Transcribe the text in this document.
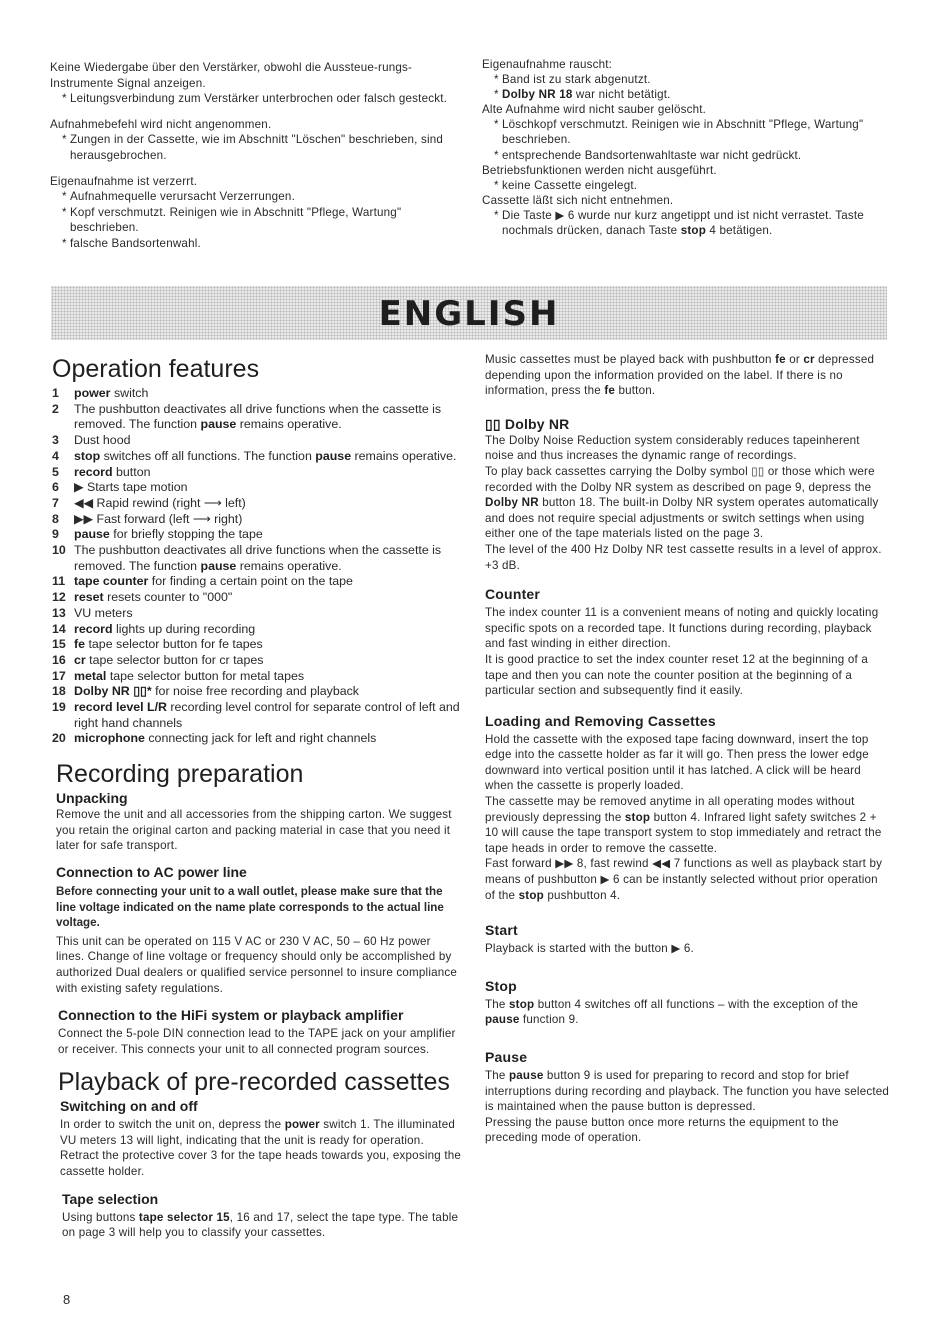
Keine Wiedergabe über den Verstärker, obwohl die Aussteue-rungs-Instrumente Signal anzeigen.

* Leitungsverbindung zum Verstärker unterbrochen oder falsch gesteckt.

Aufnahmebefehl wird nicht angenommen.

* Zungen in der Cassette, wie im Abschnitt "Löschen" beschrieben, sind herausgebrochen.

Eigenaufnahme ist verzerrt.

* Aufnahmequelle verursacht Verzerrungen.
* Kopf verschmutzt. Reinigen wie in Abschnitt "Pflege, Wartung" beschrieben.
* falsche Bandsortenwahl.

Eigenaufnahme rauscht:

* Band ist zu stark abgenutzt.
* Dolby NR 18 war nicht betätigt.

Alte Aufnahme wird nicht sauber gelöscht.

* Löschkopf verschmutzt. Reinigen wie in Abschnitt "Pflege, Wartung" beschrieben.
* entsprechende Bandsortenwahltaste war nicht gedrückt.

Betriebsfunktionen werden nicht ausgeführt.

* keine Cassette eingelegt.

Cassette läßt sich nicht entnehmen.

* Die Taste ▶ 6 wurde nur kurz angetippt und ist nicht verrastet. Taste nochmals drücken, danach Taste stop 4 betätigen.
ENGLISH
Operation features
1	power switch
2	The pushbutton deactivates all drive functions when the cassette is removed. The function pause remains operative.
3	Dust hood
4	stop switches off all functions. The function pause remains operative.
5	record button
6	▶ Starts tape motion
7	◀◀ Rapid rewind (right ⟶ left)
8	▶▶ Fast forward (left ⟶ right)
9	pause for briefly stopping the tape
10 The pushbutton deactivates all drive functions when the cassette is removed. The function pause remains operative.
11 tape counter for finding a certain point on the tape
12 reset resets counter to "000"
13 VU meters
14 record lights up during recording
15 fe tape selector button for fe tapes
16 cr tape selector button for cr tapes
17 metal tape selector button for metal tapes
18 Dolby NR ▯▯* for noise free recording and playback
19 record level L/R recording level control for separate control of left and right hand channels
20 microphone connecting jack for left and right channels
Recording preparation
Unpacking

Remove the unit and all accessories from the shipping carton. We suggest you retain the original carton and packing material in case that you need it later for safe transport.

Connection to AC power line

Before connecting your unit to a wall outlet, please make sure that the line voltage indicated on the name plate corresponds to the actual line voltage.

This unit can be operated on 115 V AC or 230 V AC, 50 – 60 Hz power lines. Change of line voltage or frequency should only be accomplished by authorized Dual dealers or qualified service personnel to insure compliance with existing safety regulations.

Connection to the HiFi system or playback amplifier

Connect the 5-pole DIN connection lead to the TAPE jack on your amplifier or receiver. This connects your unit to all connected program sources.

Playback of pre-recorded cassettes
Switching on and off

In order to switch the unit on, depress the power switch 1. The illuminated VU meters 13 will light, indicating that the unit is ready for operation. Retract the protective cover 3 for the tape heads towards you, exposing the cassette holder.

Tape selection

Using buttons tape selector 15, 16 and 17, select the tape type. The table on page 3 will help you to classify your cassettes.

Music cassettes must be played back with pushbutton fe or cr depressed depending upon the information provided on the label. If there is no information, press the fe button.

▯▯ Dolby NR

The Dolby Noise Reduction system considerably reduces tapeinherent noise and thus increases the dynamic range of recordings.

To play back cassettes carrying the Dolby symbol ▯▯ or those which were recorded with the Dolby NR system as described on page 9, depress the Dolby NR button 18. The built-in Dolby NR system operates automatically and does not require special adjustments or switch settings when using either one of the tape materials listed on the page 3.

The level of the 400 Hz Dolby NR test cassette results in a level of approx. +3 dB.

Counter

The index counter 11 is a convenient means of noting and quickly locating specific spots on a recorded tape. It functions during recording, playback and fast winding in either direction.

It is good practice to set the index counter reset 12 at the beginning of a tape and then you can note the counter position at the beginning of a particular section and subsequently find it easily.

Loading and Removing Cassettes

Hold the cassette with the exposed tape facing downward, insert the top edge into the cassette holder as far it will go. Then press the lower edge downward into vertical position until it has latched. A click will be heard when the cassette is properly loaded.

The cassette may be removed anytime in all operating modes without previously depressing the stop button 4. Infrared light safety switches 2 + 10 will cause the tape transport system to stop immediately and retract the tape heads in order to remove the cassette.

Fast forward ▶▶ 8, fast rewind ◀◀ 7 functions as well as playback start by means of pushbutton ▶ 6 can be instantly selected without prior operation of the stop pushbutton 4.

Start

Playback is started with the button ▶ 6.

Stop

The stop button 4 switches off all functions – with the exception of the pause function 9.

Pause

The pause button 9 is used for preparing to record and stop for brief interruptions during recording and playback. The function you have selected is maintained when the pause button is depressed.

Pressing the pause button once more returns the equipment to the preceding mode of operation.

8
